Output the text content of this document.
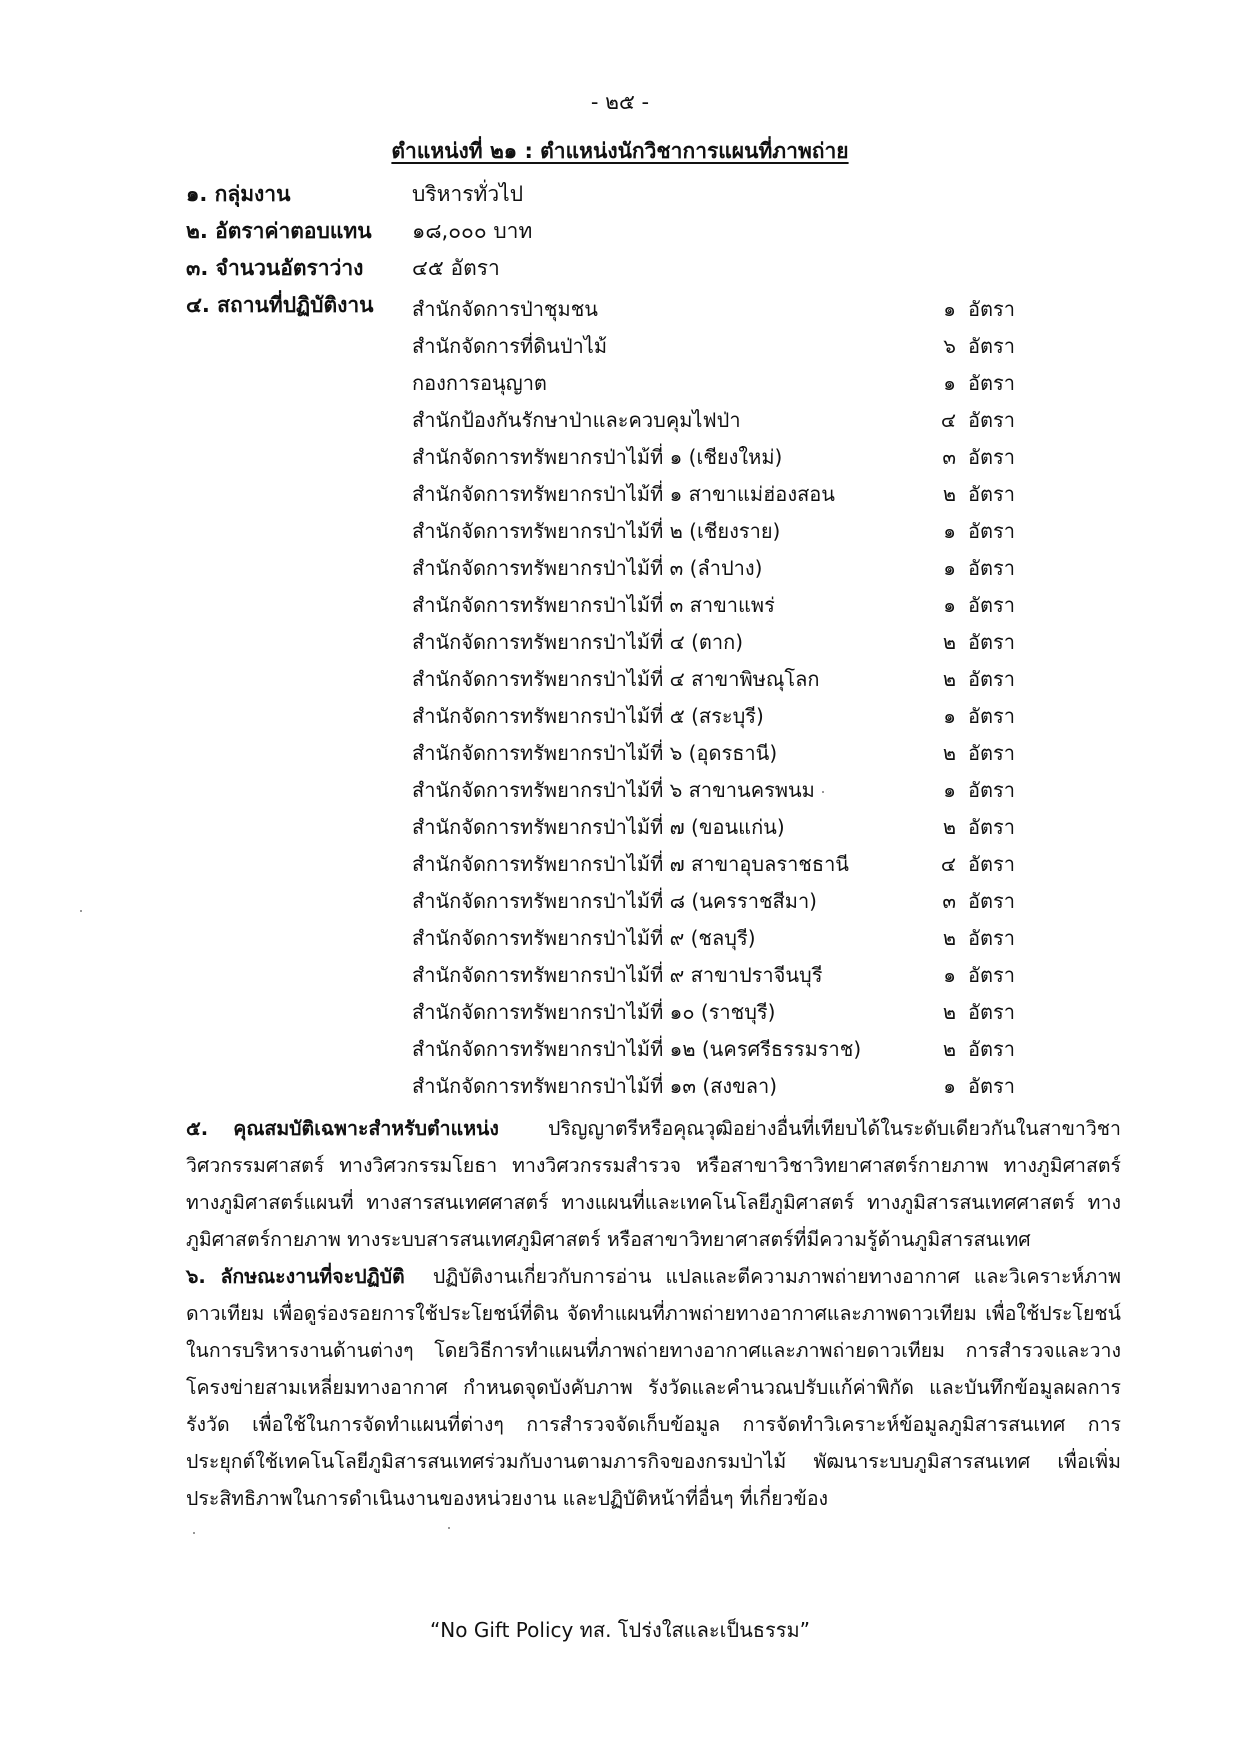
- ๒๕ -
ตำแหน่งที่ ๒๑ : ตำแหน่งนักวิชาการแผนที่ภาพถ่าย
๑. กลุ่มงาน	บริหารทั่วไป
๒. อัตราค่าตอบแทน ๑๘,๐๐๐ บาท
๓. จำนวนอัตราว่าง ๔๕ อัตรา
๔. สถานที่ปฏิบัติงาน สำนักจัดการป่าชุมชน	๑ อัตรา
สำนักจัดการที่ดินป่าไม้	๖ อัตรา
กองการอนุญาต	๑ อัตรา
สำนักป้องกันรักษาป่าและควบคุมไฟป่า	๔ อัตรา
สำนักจัดการทรัพยากรป่าไม้ที่ ๑ (เชียงใหม่)	๓ อัตรา
สำนักจัดการทรัพยากรป่าไม้ที่ ๑ สาขาแม่ฮ่องสอน	๒ อัตรา
สำนักจัดการทรัพยากรป่าไม้ที่ ๒ (เชียงราย)	๑ อัตรา
สำนักจัดการทรัพยากรป่าไม้ที่ ๓ (ลำปาง)	๑ อัตรา
สำนักจัดการทรัพยากรป่าไม้ที่ ๓ สาขาแพร่	๑ อัตรา
สำนักจัดการทรัพยากรป่าไม้ที่ ๔ (ตาก)	๒ อัตรา
สำนักจัดการทรัพยากรป่าไม้ที่ ๔ สาขาพิษณุโลก	๒ อัตรา
สำนักจัดการทรัพยากรป่าไม้ที่ ๕ (สระบุรี)	๑ อัตรา
สำนักจัดการทรัพยากรป่าไม้ที่ ๖ (อุดรธานี)	๒ อัตรา
สำนักจัดการทรัพยากรป่าไม้ที่ ๖ สาขานครพนม	๑ อัตรา
สำนักจัดการทรัพยากรป่าไม้ที่ ๗ (ขอนแก่น)	๒ อัตรา
สำนักจัดการทรัพยากรป่าไม้ที่ ๗ สาขาอุบลราชธานี	๔ อัตรา
สำนักจัดการทรัพยากรป่าไม้ที่ ๘ (นครราชสีมา)	๓ อัตรา
สำนักจัดการทรัพยากรป่าไม้ที่ ๙ (ชลบุรี)	๒ อัตรา
สำนักจัดการทรัพยากรป่าไม้ที่ ๙ สาขาปราจีนบุรี	๑ อัตรา
สำนักจัดการทรัพยากรป่าไม้ที่ ๑๐ (ราชบุรี)	๒ อัตรา
สำนักจัดการทรัพยากรป่าไม้ที่ ๑๒ (นครศรีธรรมราช)	๒ อัตรา
สำนักจัดการทรัพยากรป่าไม้ที่ ๑๓ (สงขลา)	๑ อัตรา
๕. คุณสมบัติเฉพาะสำหรับตำแหน่ง	ปริญญาตรีหรือคุณวุฒิอย่างอื่นที่เทียบได้ในระดับเดียวกันในสาขาวิชาวิศวกรรมศาสตร์ ทางวิศวกรรมโยธา ทางวิศวกรรมสำรวจ หรือสาขาวิชาวิทยาศาสตร์กายภาพ ทางภูมิศาสตร์ ทางภูมิศาสตร์แผนที่ ทางสารสนเทศศาสตร์ ทางแผนที่และเทคโนโลยีภูมิศาสตร์ ทางภูมิสารสนเทศศาสตร์ ทางภูมิศาสตร์กายภาพ ทางระบบสารสนเทศภูมิศาสตร์ หรือสาขาวิทยาศาสตร์ที่มีความรู้ด้านภูมิสารสนเทศ
๖. ลักษณะงานที่จะปฏิบัติ ปฏิบัติงานเกี่ยวกับการอ่าน แปลและตีความภาพถ่ายทางอากาศ และวิเคราะห์ภาพดาวเทียม เพื่อดูร่องรอยการใช้ประโยชน์ที่ดิน จัดทำแผนที่ภาพถ่ายทางอากาศและภาพดาวเทียม เพื่อใช้ประโยชน์ในการบริหารงานด้านต่างๆ โดยวิธีการทำแผนที่ภาพถ่ายทางอากาศและภาพถ่ายดาวเทียม การสำรวจและวางโครงข่ายสามเหลี่ยมทางอากาศ กำหนดจุดบังคับภาพ รังวัดและคำนวณปรับแก้ค่าพิกัด และบันทึกข้อมูลผลการรังวัด เพื่อใช้ในการจัดทำแผนที่ต่างๆ การสำรวจจัดเก็บข้อมูล การจัดทำวิเคราะห์ข้อมูลภูมิสารสนเทศ การประยุกต์ใช้เทคโนโลยีภูมิสารสนเทศร่วมกับงานตามภารกิจของกรมป่าไม้ พัฒนาระบบภูมิสารสนเทศ เพื่อเพิ่มประสิทธิภาพในการดำเนินงานของหน่วยงาน และปฏิบัติหน้าที่อื่นๆ ที่เกี่ยวข้อง
“No Gift Policy ทส. โปร่งใสและเป็นธรรม”
